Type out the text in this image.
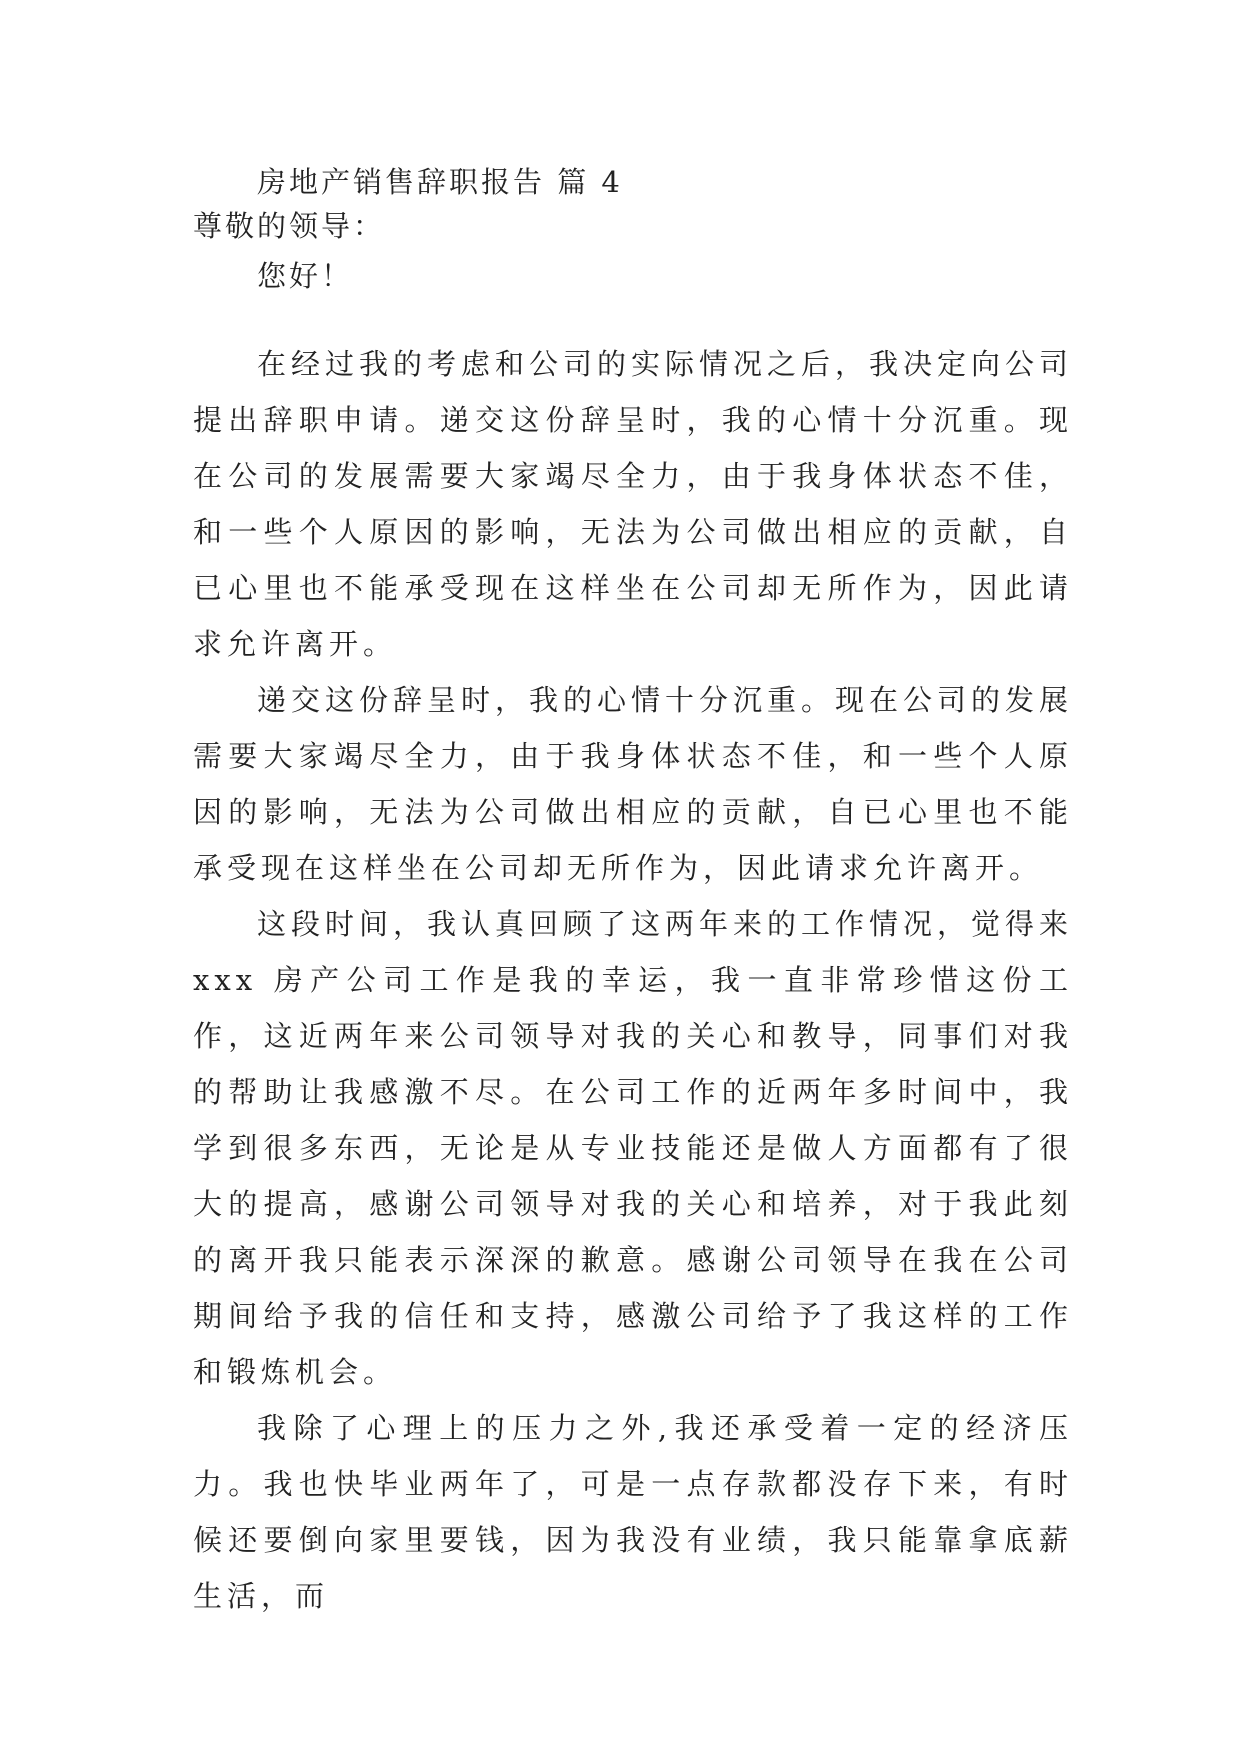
房地产销售辞职报告 篇 4
尊敬的领导：
您好！

在经过我的考虑和公司的实际情况之后，我决定向公司提出辞职申请。递交这份辞呈时，我的心情十分沉重。现在公司的发展需要大家竭尽全力，由于我身体状态不佳，和一些个人原因的影响，无法为公司做出相应的贡献，自已心里也不能承受现在这样坐在公司却无所作为，因此请求允许离开。

递交这份辞呈时，我的心情十分沉重。现在公司的发展需要大家竭尽全力，由于我身体状态不佳，和一些个人原因的影响，无法为公司做出相应的贡献，自已心里也不能承受现在这样坐在公司却无所作为，因此请求允许离开。

这段时间，我认真回顾了这两年来的工作情况，觉得来xxx 房产公司工作是我的幸运，我一直非常珍惜这份工作，这近两年来公司领导对我的关心和教导，同事们对我的帮助让我感激不尽。在公司工作的近两年多时间中，我学到很多东西，无论是从专业技能还是做人方面都有了很大的提高，感谢公司领导对我的关心和培养，对于我此刻的离开我只能表示深深的歉意。感谢公司领导在我在公司期间给予我的信任和支持，感激公司给予了我这样的工作和锻炼机会。

我除了心理上的压力之外,我还承受着一定的经济压力。我也快毕业两年了，可是一点存款都没存下来，有时候还要倒向家里要钱，因为我没有业绩，我只能靠拿底薪生活，而
